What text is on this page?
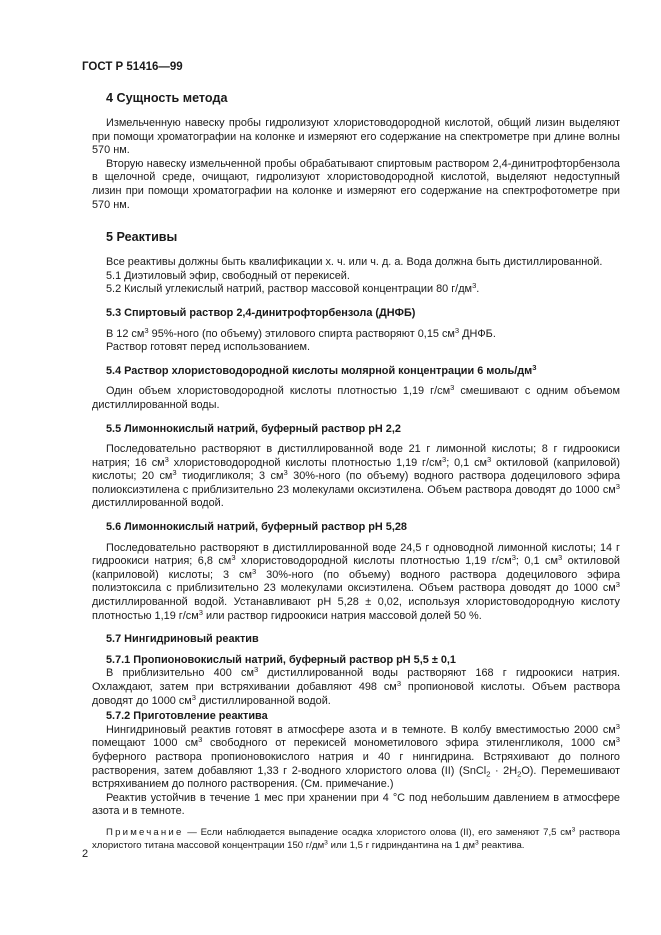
ГОСТ Р 51416—99
4 Сущность метода

Измельченную навеску пробы гидролизуют хлористоводородной кислотой, общий лизин выделяют при помощи хроматографии на колонке и измеряют его содержание на спектрометре при длине волны 570 нм.

Вторую навеску измельченной пробы обрабатывают спиртовым раствором 2,4-динитрофторбензола в щелочной среде, очищают, гидролизуют хлористоводородной кислотой, выделяют недоступный лизин при помощи хроматографии на колонке и измеряют его содержание на спектрофотометре при 570 нм.

5 Реактивы

Все реактивы должны быть квалификации х. ч. или ч. д. а. Вода должна быть дистиллированной.

5.1 Диэтиловый эфир, свободный от перекисей.

5.2 Кислый углекислый натрий, раствор массовой концентрации 80 $г/дм^3$.

5.3 Спиртовый раствор 2,4-динитрофторбензола (ДНФБ)

В 12 $см^3$ 95%-ного (по объему) этилового спирта растворяют 0,15 $см^3$ ДНФБ.

Раствор готовят перед использованием.

5.4 Раствор хлористоводородной кислоты молярной концентрации 6 моль/$дм^3$

Один объем хлористоводородной кислоты плотностью 1,19 $г/см^3$ смешивают с одним объемом дистиллированной воды.

5.5 Лимоннокислый натрий, буферный раствор pH 2,2

Последовательно растворяют в дистиллированной воде 21 г лимонной кислоты; 8 г гидроокиси натрия; 16 $см^3$ хлористоводородной кислоты плотностью 1,19 $г/см^3$; 0,1 $см^3$ октиловой (каприловой) кислоты; 20 $см^3$ тиодигликоля; 3 $см^3$ 30%-ного (по объему) водного раствора додецилового эфира полиоксиэтилена с приблизительно 23 молекулами оксиэтилена. Объем раствора доводят до 1000 $см^3$ дистиллированной водой.

5.6 Лимоннокислый натрий, буферный раствор pH 5,28

Последовательно растворяют в дистиллированной воде 24,5 г одноводной лимонной кислоты; 14 г гидроокиси натрия; 6,8 $см^3$ хлористоводородной кислоты плотностью 1,19 $г/см^3$; 0,1 $см^3$ октиловой (каприловой) кислоты; 3 $см^3$ 30%-ного (по объему) водного раствора додецилового эфира полиэтоксила с приблизительно 23 молекулами оксиэтилена. Объем раствора доводят до 1000 $см^3$ дистиллированной водой. Устанавливают pH 5,28 ± 0,02, используя хлористоводородную кислоту плотностью 1,19 $г/см^3$ или раствор гидроокиси натрия массовой долей 50 %.

5.7 Нингидриновый реактив
5.7.1 Пропионовокислый натрий, буферный раствор pH 5,5 ± 0,1

В приблизительно 400 $см^3$ дистиллированной воды растворяют 168 г гидроокиси натрия. Охлаждают, затем при встряхивании добавляют 498 $см^3$ пропионовой кислоты. Объем раствора доводят до 1000 $см^3$ дистиллированной водой.

5.7.2 Приготовление реактива

Нингидриновый реактив готовят в атмосфере азота и в темноте. В колбу вместимостью 2000 $см^3$ помещают 1000 $см^3$ свободного от перекисей монометилового эфира этиленгликоля, 1000 $см^3$ буферного раствора пропионовокислого натрия и 40 г нингидрина. Встряхивают до полного растворения, затем добавляют 1,33 г 2-водного хлористого олова (II) (SnCl$_2$ · $2H_2O$). Перемешивают встряхиванием до полного растворения. (См. примечание.)

Реактив устойчив в течение 1 мес при хранении при 4 °С под небольшим давлением в атмосфере азота и в темноте.

Примечание — Если наблюдается выпадение осадка хлористого олова (II), его заменяют 7,5 $см^3$ раствора хлористого титана массовой концентрации 150 $г/дм^3$ или 1,5 г гидриндантина на 1 $дм^3$ реактива.

2
